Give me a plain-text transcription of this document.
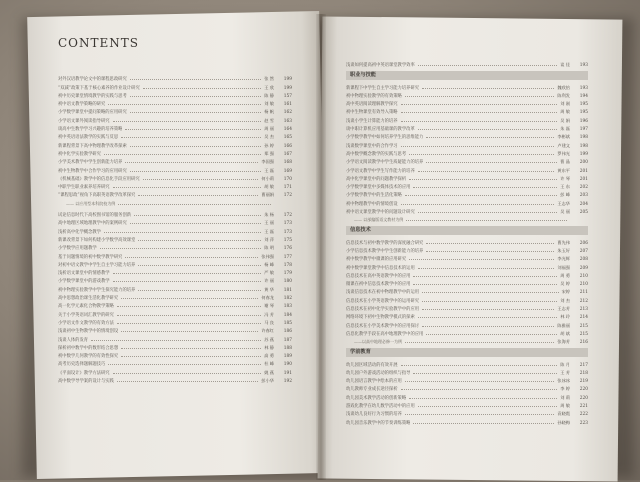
CONTENTS
对外汉语教学论文中的课程思政研究	张 然	199
“双减”政策下基于核心素养的作业设计研究	王 欣	199
初中历史课堂情境教学的实践与思考	陈 静	157
初中语文教学策略的研究	刘 敏	161
小学数学课堂中提问策略的应用研究	杨 帆	162
小学语文课外阅读指导研究	赵 雪	163
谈高中生数学学习兴趣的培养策略	周 丽	164
初中英语语法教学的实践与反思	吴 杰	165
新课程背景下高中物理教学改革探索	孙 婷	166
初中化学实验教学研究	郑 强	167
小学美术教学中学生创新能力培养	李国强	168
初中生物教学中合作学习的应用研究	王 磊	169
《机械基础》教学中的信息化手段应用研究	何小莉	170
中职学生职业素养培养研究	胡 敏	171
“课程思政”视角下高职英语教学改革探究	曹丽娟	172
—— 以应用型本科院校为例
试论信息时代下高校图书馆的服务创新	朱 杨	172
高中地理区域地理教学中的案例研究	王 丽	173
浅析高中化学概念教学	王 磊	173
新课改背景下如何构建小学数学高效课堂	刘 萍	175
小学数学应用题教学	陈 明	176
基于问题情境的初中数学教学研究	张伟强	177
对初中语文教学中学生自主学习能力培养	杨 峰	178
浅析语文课堂中的情感教学	严 敏	179
小学数学课堂中的游戏教学	许 丽	180
初中物理实验教学中学生探究能力的培养	黄 华	181
高中思想政治课生活化教学研究	何春龙	182
高一化学元素化合物教学策略	谢 琴	183
关于小学英语词汇教学的研究	冯 芳	184
小学语文作文教学的有效方法	马 良	185
浅谈初中生物教学中的情境创设	许春红	186
浅谈人体的发育	苏 燕	187
探析初中数学中的数形结合思想	林 静	188
初中数学几何教学的有效性探究	高 勇	189
高考历史选择题解题技巧	杜 峰	190
《平面设计》教学方法研究	姚 燕	191
高中数学导学案的设计与实践	彭小华	192
浅谈如何提高初中英语课堂教学效率	谈 佳	193
职业与技能
新课程下中学生自主学习能力培养研究	魏欣怡	193
初中物理实验教学的有效策略	陈利发	194
高中英语阅读理解教学探究	刘 刚	195
初中生物课堂有效导入策略	周 敏	195
浅谈小学生计算能力的培养	吴 娟	196
谈中职计算机应用基础课的教学改革	朱 磊	197
小学数学教学中如何培养学生的思维能力	李彬斌	198
浅谈数学课堂中的合作学习	卢建文	198
高中数学概念教学的实践与思考	罗伟光	199
小学语文阅读教学中学生质疑能力的培养	曹 晶	200
小学语文教学中学生写作能力的培养	黄东平	201
高中化学课堂中的问题教学探析	许 琴	201
小学数学课堂中多媒体技术的应用	王 东	202
小学数学教学中的生活化策略	彭 峰	203
初中物理教学中的情境创设	王志华	204
初中语文课堂教学中的问题设计研究	吴 丽	205
—— 以部编版语文教材为例
信息技术
信息技术与初中数学教学的深度融合研究	曹先伟	206
小学信息技术教学中学生创新能力的培养	朱玉好	207
初中数学教学中微课的应用研究	李光辉	208
初中数学课堂教学中信息技术的运用	刘福强	209
信息技术在高中英语教学中的应用	周 勇	210
微课在初中信息技术教学中的应用	吴 婷	210
浅谈信息技术在初中物理教学中的运用	宋婷	211
信息技术在小学英语教学中的运用研究	刘 杰	212
信息技术在初中化学实验教学中的应用	王志芳	213
网络环境下初中生物教学模式的探索	林 玲	214
信息技术在小学美术教学中的应用探讨	陈雅丽	215
信息化教学手段在高中地理教学中的应用	胡 斌	215
——以高中地理必修一为例	张海芳	216
学前教育
幼儿园区域活动的有效开展	陈 月	217
幼儿园户外游戏活动的组织与指导	王 芳	218
幼儿园语言教学中绘本的应用	张冰冰	219
幼儿教师专业成长途径探析	李 婷	220
幼儿园美术教学活动的创新策略	刘 莉	220
游戏化教学在幼儿数学活动中的应用	周 敏	221
浅谈幼儿良好行为习惯的培养	袁晓霞	222
幼儿园音乐教学中的节奏训练策略	孙晓梅	223
